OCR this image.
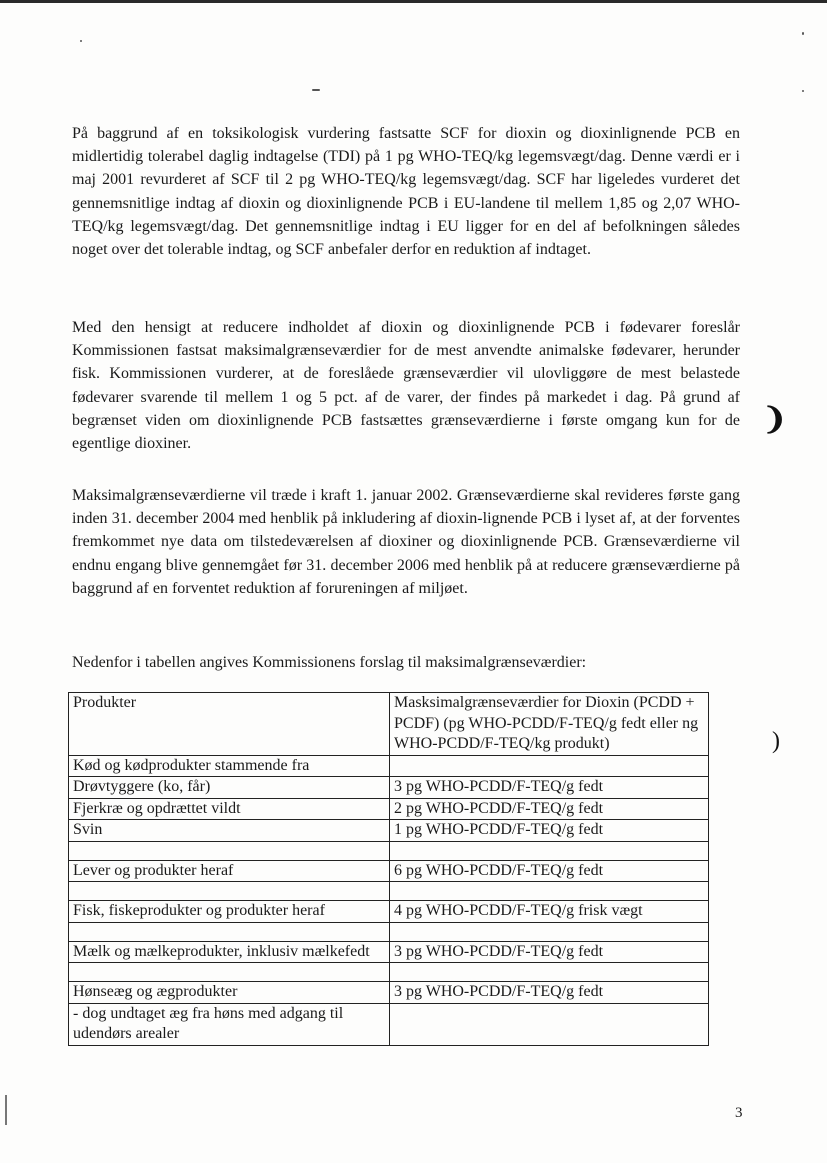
❩
)

På baggrund af en toksikologisk vurdering fastsatte SCF for dioxin og dioxinlignende PCB en midlertidig tolerabel daglig indtagelse (TDI) på 1 pg WHO-TEQ/kg legemsvægt/dag. Denne værdi er i maj 2001 revurderet af SCF til 2 pg WHO-TEQ/kg legemsvægt/dag. SCF har ligeledes vurderet det gennemsnitlige indtag af dioxin og dioxinlignende PCB i EU-landene til mellem 1,85 og 2,07 WHO-TEQ/kg legemsvægt/dag. Det gennemsnitlige indtag i EU ligger for en del af befolkningen således noget over det tolerable indtag, og SCF anbefaler derfor en reduktion af indtaget.

Med den hensigt at reducere indholdet af dioxin og dioxinlignende PCB i fødevarer foreslår Kommissionen fastsat maksimalgrænseværdier for de mest anvendte animalske fødevarer, herunder fisk. Kommissionen vurderer, at de foreslåede grænseværdier vil ulovliggøre de mest belastede fødevarer svarende til mellem 1 og 5 pct. af de varer, der findes på markedet i dag. På grund af begrænset viden om dioxinlignende PCB fastsættes grænseværdierne i første omgang kun for de egentlige dioxiner.

Maksimalgrænseværdierne vil træde i kraft 1. januar 2002. Grænseværdierne skal revideres første gang inden 31. december 2004 med henblik på inkludering af dioxin-lignende PCB i lyset af, at der forventes fremkommet nye data om tilstedeværelsen af dioxiner og dioxinlignende PCB. Grænseværdierne vil endnu engang blive gennemgået før 31. december 2006 med henblik på at reducere grænseværdierne på baggrund af en forventet reduktion af forureningen af miljøet.

Nedenfor i tabellen angives Kommissionens forslag til maksimalgrænseværdier:

Produkter	Masksimalgrænseværdier for Dioxin (PCDD + PCDF) (pg WHO-PCDD/F-TEQ/g fedt eller ng WHO-PCDD/F-TEQ/kg produkt)
Kød og kødprodukter stammende fra	
Drøvtyggere (ko, får)	3 pg WHO-PCDD/F-TEQ/g fedt
Fjerkræ og opdrættet vildt	2 pg WHO-PCDD/F-TEQ/g fedt
Svin	1 pg WHO-PCDD/F-TEQ/g fedt

Lever og produkter heraf	6 pg WHO-PCDD/F-TEQ/g fedt

Fisk, fiskeprodukter og produkter heraf	4 pg WHO-PCDD/F-TEQ/g frisk vægt

Mælk og mælkeprodukter, inklusiv mælkefedt	3 pg WHO-PCDD/F-TEQ/g fedt

Hønseæg og ægprodukter	3 pg WHO-PCDD/F-TEQ/g fedt
- dog undtaget æg fra høns med adgang til udendørs arealer	
3
